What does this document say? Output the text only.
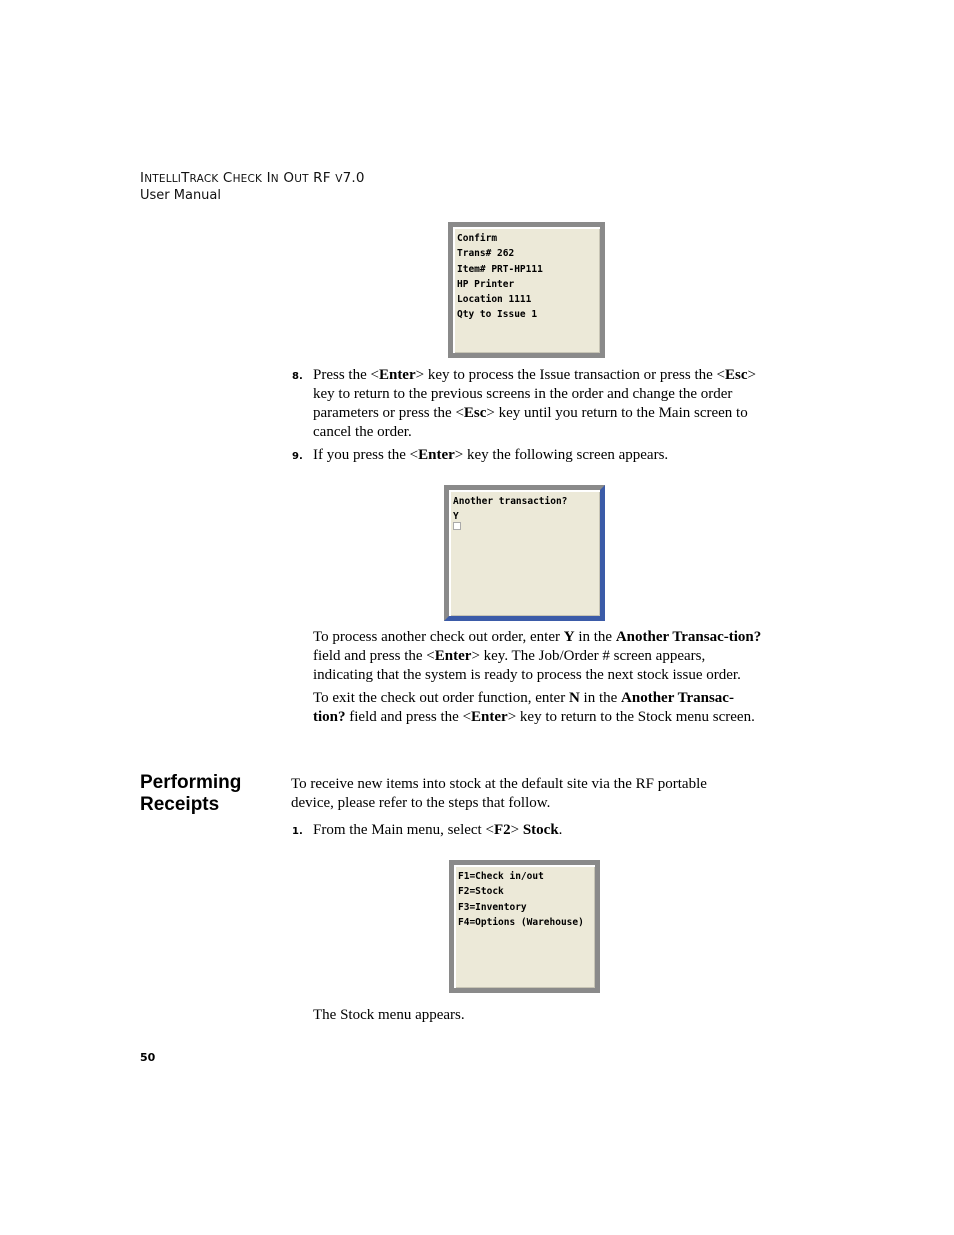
INTELLITRACK CHECK IN OUT RF V7.0
User Manual
Confirm
Trans# 262
Item# PRT-HP111
HP Printer
Location 1111
Qty to Issue 1
8. Press the <Enter> key to process the Issue transaction or press the <Esc> key to return to the previous screens in the order and change the order parameters or press the <Esc> key until you return to the Main screen to cancel the order.
9. If you press the <Enter> key the following screen appears.
Another transaction?
Y
To process another check out order, enter Y in the Another Transac-tion? field and press the <Enter> key. The Job/Order # screen appears, indicating that the system is ready to process the next stock issue order.
To exit the check out order function, enter N in the Another Transac-tion? field and press the <Enter> key to return to the Stock menu screen.
Performing
Receipts
To receive new items into stock at the default site via the RF portable device, please refer to the steps that follow.
1. From the Main menu, select <F2> Stock.
F1=Check in/out
F2=Stock
F3=Inventory
F4=Options (Warehouse)
The Stock menu appears.
50
